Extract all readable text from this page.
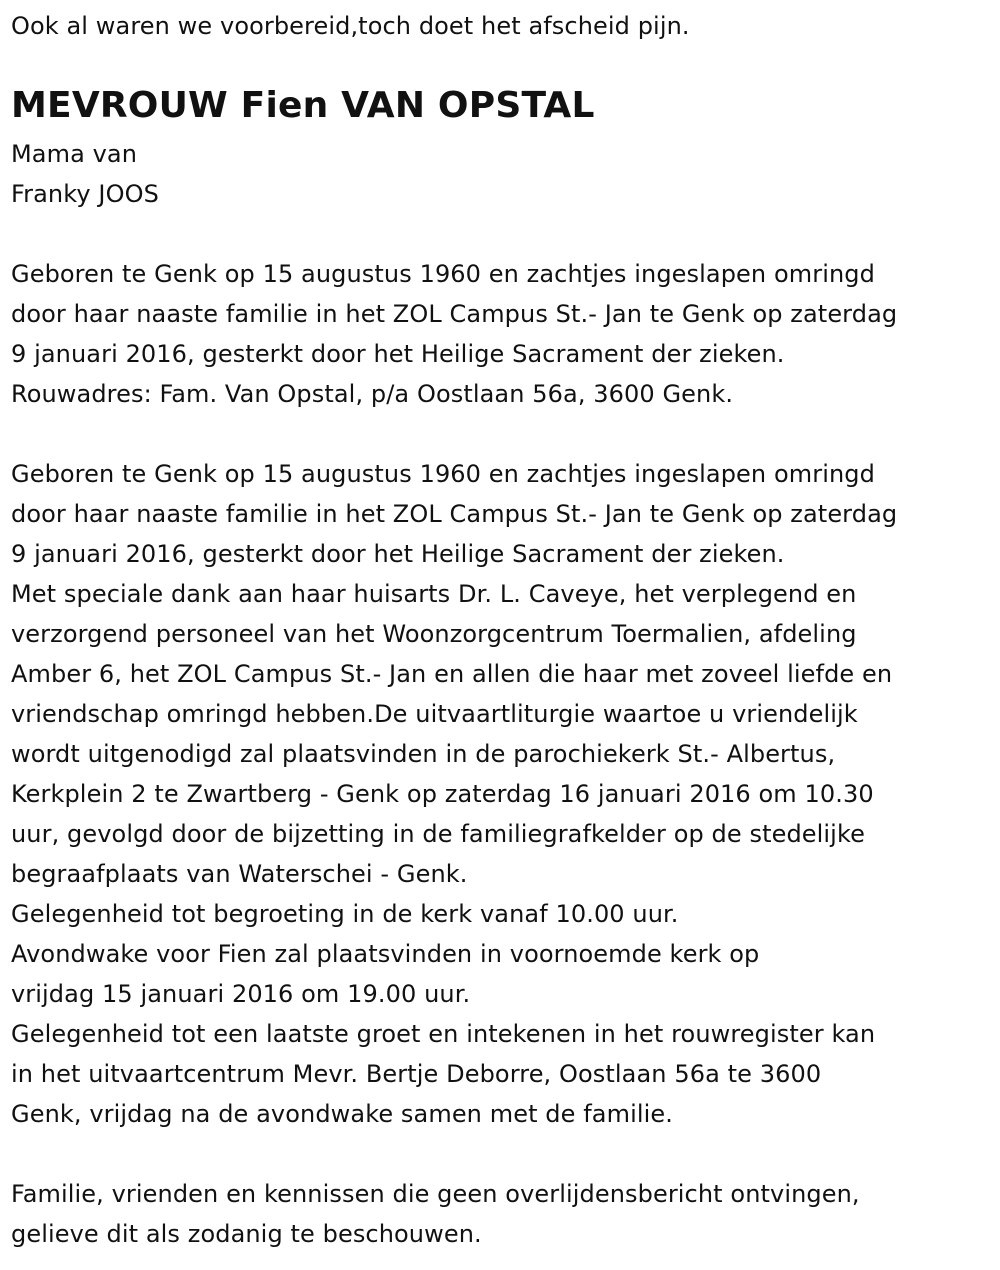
Ook al waren we voorbereid,toch doet het afscheid pijn.
MEVROUW Fien VAN OPSTAL
Mama van
Franky JOOS
Geboren te Genk op 15 augustus 1960 en zachtjes ingeslapen omringd
door haar naaste familie in het ZOL Campus St.- Jan te Genk op zaterdag
9 januari 2016, gesterkt door het Heilige Sacrament der zieken.
Rouwadres: Fam. Van Opstal, p/a Oostlaan 56a, 3600 Genk.
Geboren te Genk op 15 augustus 1960 en zachtjes ingeslapen omringd
door haar naaste familie in het ZOL Campus St.- Jan te Genk op zaterdag
9 januari 2016, gesterkt door het Heilige Sacrament der zieken.
Met speciale dank aan haar huisarts Dr. L. Caveye, het verplegend en
verzorgend personeel van het Woonzorgcentrum Toermalien, afdeling
Amber 6, het ZOL Campus St.- Jan en allen die haar met zoveel liefde en
vriendschap omringd hebben.De uitvaartliturgie waartoe u vriendelijk
wordt uitgenodigd zal plaatsvinden in de parochiekerk St.- Albertus,
Kerkplein 2 te Zwartberg - Genk op zaterdag 16 januari 2016 om 10.30
uur, gevolgd door de bijzetting in de familiegrafkelder op de stedelijke
begraafplaats van Waterschei - Genk.
Gelegenheid tot begroeting in de kerk vanaf 10.00 uur.
Avondwake voor Fien zal plaatsvinden in voornoemde kerk op
vrijdag 15 januari 2016 om 19.00 uur.
Gelegenheid tot een laatste groet en intekenen in het rouwregister kan
in het uitvaartcentrum Mevr. Bertje Deborre, Oostlaan 56a te 3600
Genk, vrijdag na de avondwake samen met de familie.
Familie, vrienden en kennissen die geen overlijdensbericht ontvingen,
gelieve dit als zodanig te beschouwen.
